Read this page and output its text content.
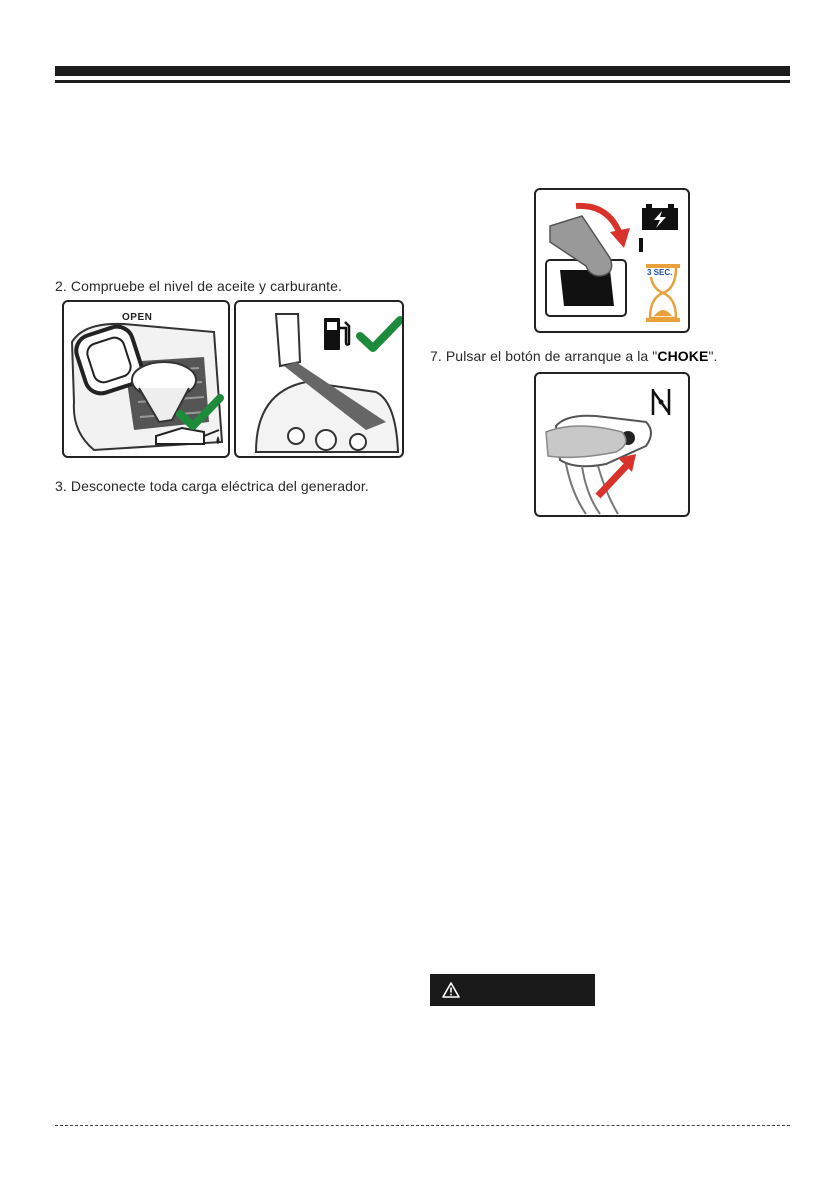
2. Compruebe el nivel de aceite y carburante.
OPEN
3. Desconecte toda carga eléctrica del generador.
3 SEC.
7. Pulsar el botón de arranque a la "CHOKE".
